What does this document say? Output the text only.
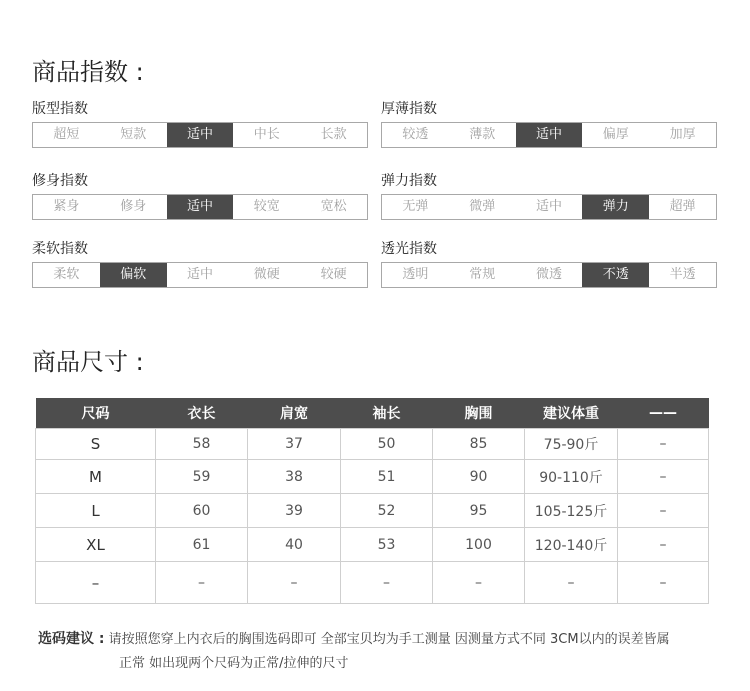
商品指数 :
版型指数
超短	短款	适中	中长	长款
厚薄指数
较透	薄款	适中	偏厚	加厚
修身指数
紧身	修身	适中	较宽	宽松
弹力指数
无弹	微弹	适中	弹力	超弹
柔软指数
柔软	偏软	适中	微硬	较硬
透光指数
透明	常规	微透	不透	半透
商品尺寸 :
尺码	衣长	肩宽	袖长	胸围	建议体重	——
S	58	37	50	85	75-90斤	–
M	59	38	51	90	90-110斤	–
L	60	39	52	95	105-125斤	–
XL	61	40	53	100	120-140斤	–
–	–	–	–	–	–	–
选码建议 : 请按照您穿上内衣后的胸围选码即可 全部宝贝均为手工测量 因测量方式不同 3CM以内的误差皆属
正常 如出现两个尺码为正常/拉伸的尺寸
